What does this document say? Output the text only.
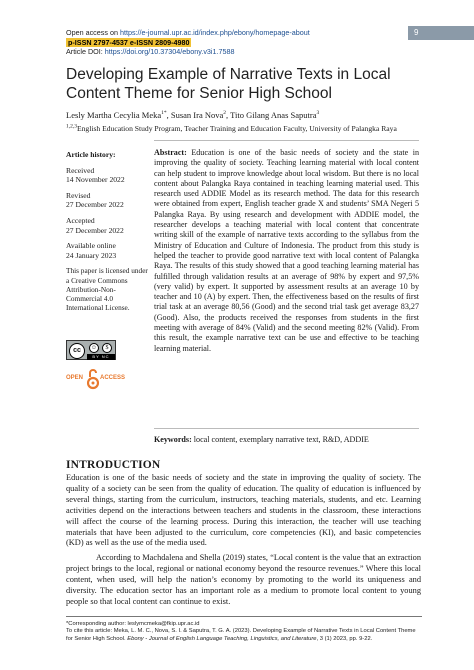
Open access on https://e-journal.upr.ac.id/index.php/ebony/homepage-about
p-ISSN 2797-4537 e-ISSN 2809-4980
Article DOI: https://doi.org/10.37304/ebony.v3i1.7588
9
Developing Example of Narrative Texts in Local Content Theme for Senior High School
Lesly Martha Cecylia Meka$^{1*}$, Susan Ira Nova$^2$, Tito Gilang Anas Saputra$^3$
$^{1,2,3}$English Education Study Program, Teacher Training and Education Faculty, University of Palangka Raya
Article history:
Received
14 November 2022
Revised
27 December 2022
Accepted
27 December 2022
Available online
24 January 2023
This paper is licensed under a Creative Commons Attribution-Non-Commercial 4.0 International License.
cc	☺	$
BY NC
OPEN	ACCESS
Abstract: Education is one of the basic needs of society and the state in improving the quality of society. Teaching learning material with local content can help student to improve knowledge about local wisdom. But there is no local content about Palangka Raya contained in teaching learning material used. This research used ADDIE Model as its research method. The data for this research were obtained from expert, English teacher grade X and students’ SMA Negeri 5 Palangka Raya. By using research and development with ADDIE model, the researcher develops a teaching material with local content that concentrate writing skill of the example of narrative texts according to the syllabus from the Ministry of Education and Culture of Indonesia. The product from this study is helped the teacher to provide good narrative text with local content of Palangka Raya. The results of this study showed that a good teaching learning material has fulfilled through validation results at an average of 98% by expert and 97,5% (very valid) by expert. It supported by assessment results at an average 10 by teacher and 10 (A) by expert. Then, the effectiveness based on the results of first trial task at an average 80,56 (Good) and the second trial task get average 83,27 (Good). Also, the products received the responses from students in the first meeting with average of 84% (Valid) and the second meeting 82% (Valid). From this result, the example narrative text can be use and effective to be teaching learning material.
Keywords: local content, exemplary narrative text, R&D, ADDIE
INTRODUCTION

Education is one of the basic needs of society and the state in improving the quality of society. The quality of a society can be seen from the quality of education. The quality of education is influenced by several things, starting from the curriculum, instructors, teaching materials, students, and etc. Learning activities depend on the interactions between teachers and students in the classroom, these interactions will affect the course of the learning process. During this interaction, the teacher will use teaching materials that have been adjusted to the curriculum, core competencies (KI), and basic competencies (KD) as well as the use of the media used.

According to Machdalena and Shella (2019) states, “Local content is the value that an extraction project brings to the local, regional or national economy beyond the resource revenues.” Where this local content, when used, will help the nation’s economy by promoting to the world its uniqueness and diversity. The education sector has an important role as a medium to promote local content to young people so that local content can continue to exist.

*Corresponding author: leslymcmeka@fkip.upr.ac.id
To cite this article: Meka, L. M. C., Nova, S. I. & Saputra, T. G. A. (2023). Developing Example of Narrative Texts in Local Content Theme for Senior High School. Ebony - Journal of English Language Teaching, Linguistics, and Literature, 3 (1) 2023, pp. 9-22.
